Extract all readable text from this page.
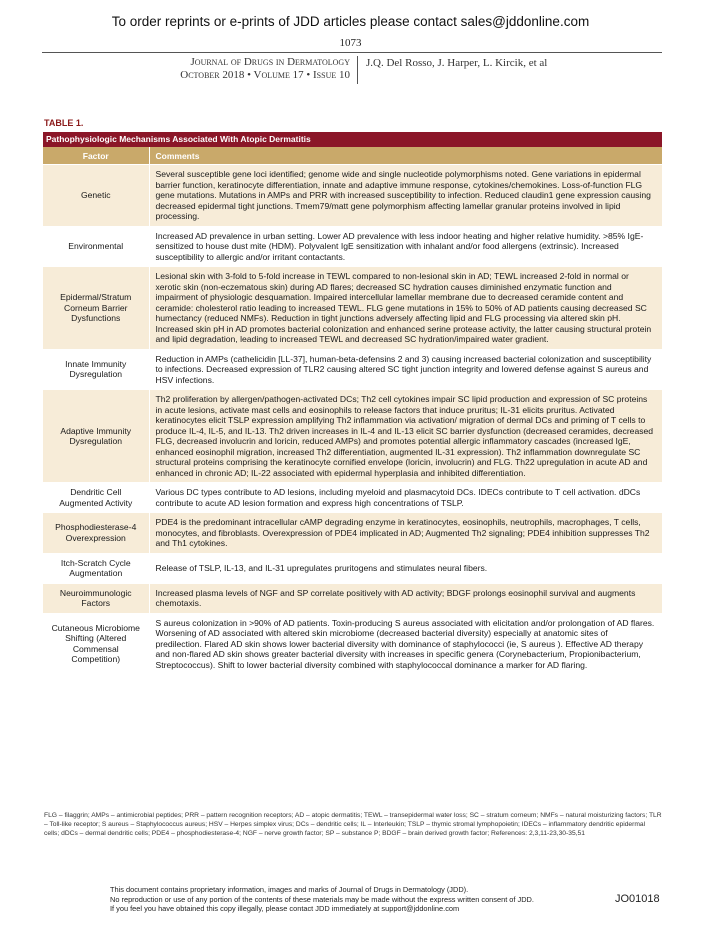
To order reprints or e-prints of JDD articles please contact sales@jddonline.com
1073
Journal of Drugs in Dermatology
October 2018 • Volume 17 • Issue 10
J.Q. Del Rosso, J. Harper, L. Kircik, et al
TABLE 1.
Pathophysiologic Mechanisms Associated With Atopic Dermatitis
Factor	Comments
Genetic	Several susceptible gene loci identified; genome wide and single nucleotide polymorphisms noted. Gene variations in epidermal barrier function, keratinocyte differentiation, innate and adaptive immune response, cytokines/chemokines. Loss-of-function FLG gene mutations. Mutations in AMPs and PRR with increased susceptibility to infection. Reduced claudin1 gene expression causing decreased epidermal tight junctions. Tmem79/matt gene polymorphism affecting lamellar granular proteins involved in lipid processing.
Environmental	Increased AD prevalence in urban setting. Lower AD prevalence with less indoor heating and higher relative humidity. >85% IgE-sensitized to house dust mite (HDM). Polyvalent IgE sensitization with inhalant and/or food allergens (extrinsic). Increased susceptibility to allergic and/or irritant contactants.
Epidermal/Stratum Corneum Barrier Dysfunctions	Lesional skin with 3-fold to 5-fold increase in TEWL compared to non-lesional skin in AD; TEWL increased 2-fold in normal or xerotic skin (non-eczematous skin) during AD flares; decreased SC hydration causes diminished enzymatic function and impairment of physiologic desquamation. Impaired intercellular lamellar membrane due to decreased ceramide content and ceramide: cholesterol ratio leading to increased TEWL. FLG gene mutations in 15% to 50% of AD patients causing decreased SC humectancy (reduced NMFs). Reduction in tight junctions adversely affecting lipid and FLG processing via altered skin pH. Increased skin pH in AD promotes bacterial colonization and enhanced serine protease activity, the latter causing structural protein and lipid degradation, leading to increased TEWL and decreased SC hydration/impaired water gradient.
Innate Immunity Dysregulation	Reduction in AMPs (cathelicidin [LL-37], human-beta-defensins 2 and 3) causing increased bacterial colonization and susceptibility to infections. Decreased expression of TLR2 causing altered SC tight junction integrity and lowered defense against S aureus and HSV infections.
Adaptive Immunity Dysregulation	Th2 proliferation by allergen/pathogen-activated DCs; Th2 cell cytokines impair SC lipid production and expression of SC proteins in acute lesions, activate mast cells and eosinophils to release factors that induce pruritus; IL-31 elicits pruritus. Activated keratinocytes elicit TSLP expression amplifying Th2 inflammation via activation/ migration of dermal DCs and priming of T cells to produce IL-4, IL-5, and IL-13. Th2 driven increases in IL-4 and IL-13 elicit SC barrier dysfunction (decreased ceramides, decreased FLG, decreased involucrin and loricin, reduced AMPs) and promotes potential allergic inflammatory cascades (increased IgE, enhanced eosinophil migration, increased Th2 differentiation, augmented IL-31 expression). Th2 inflammation downregulate SC structural proteins comprising the keratinocyte cornified envelope (loricin, involucrin) and FLG. Th22 upregulation in acute AD and enhanced in chronic AD; IL-22 associated with epidermal hyperplasia and inhibited differentiation.
Dendritic Cell Augmented Activity	Various DC types contribute to AD lesions, including myeloid and plasmacytoid DCs. IDECs contribute to T cell activation. dDCs contribute to acute AD lesion formation and express high concentrations of TSLP.
Phosphodiesterase-4 Overexpression	PDE4 is the predominant intracellular cAMP degrading enzyme in keratinocytes, eosinophils, neutrophils, macrophages, T cells, monocytes, and fibroblasts. Overexpression of PDE4 implicated in AD; Augmented Th2 signaling; PDE4 inhibition suppresses Th2 and Th1 cytokines.
Itch-Scratch Cycle Augmentation	Release of TSLP, IL-13, and IL-31 upregulates pruritogens and stimulates neural fibers.
Neuroimmunologic Factors	Increased plasma levels of NGF and SP correlate positively with AD activity; BDGF prolongs eosinophil survival and augments chemotaxis.
Cutaneous Microbiome Shifting (Altered Commensal Competition)	S aureus colonization in >90% of AD patients. Toxin-producing S aureus associated with elicitation and/or prolongation of AD flares. Worsening of AD associated with altered skin microbiome (decreased bacterial diversity) especially at anatomic sites of predilection. Flared AD skin shows lower bacterial diversity with dominance of staphylococci (ie, S aureus ). Effective AD therapy and non-flared AD skin shows greater bacterial diversity with increases in specific genera (Corynebacterium, Propionibacterium, Streptococcus). Shift to lower bacterial diversity combined with staphylococcal dominance a marker for AD flaring.
FLG – filaggrin; AMPs – antimicrobial peptides; PRR – pattern recognition receptors; AD – atopic dermatitis; TEWL – transepidermal water loss; SC – stratum corneum; NMFs – natural moisturizing factors; TLR – Toll-like receptor; S aureus – Staphylococcus aureus; HSV – Herpes simplex virus; DCs – dendritic cells; IL – Interleukin; TSLP – thymic stromal lymphopoietin; IDECs – inflammatory dendritic epidermal cells; dDCs – dermal dendritic cells; PDE4 – phosphodiesterase-4; NGF – nerve growth factor; SP – substance P; BDGF – brain derived growth factor; References: 2,3,11-23,30-35,51
This document contains proprietary information, images and marks of Journal of Drugs in Dermatology (JDD).
No reproduction or use of any portion of the contents of these materials may be made without the express written consent of JDD.
If you feel you have obtained this copy illegally, please contact JDD immediately at support@jddonline.com
JO01018
